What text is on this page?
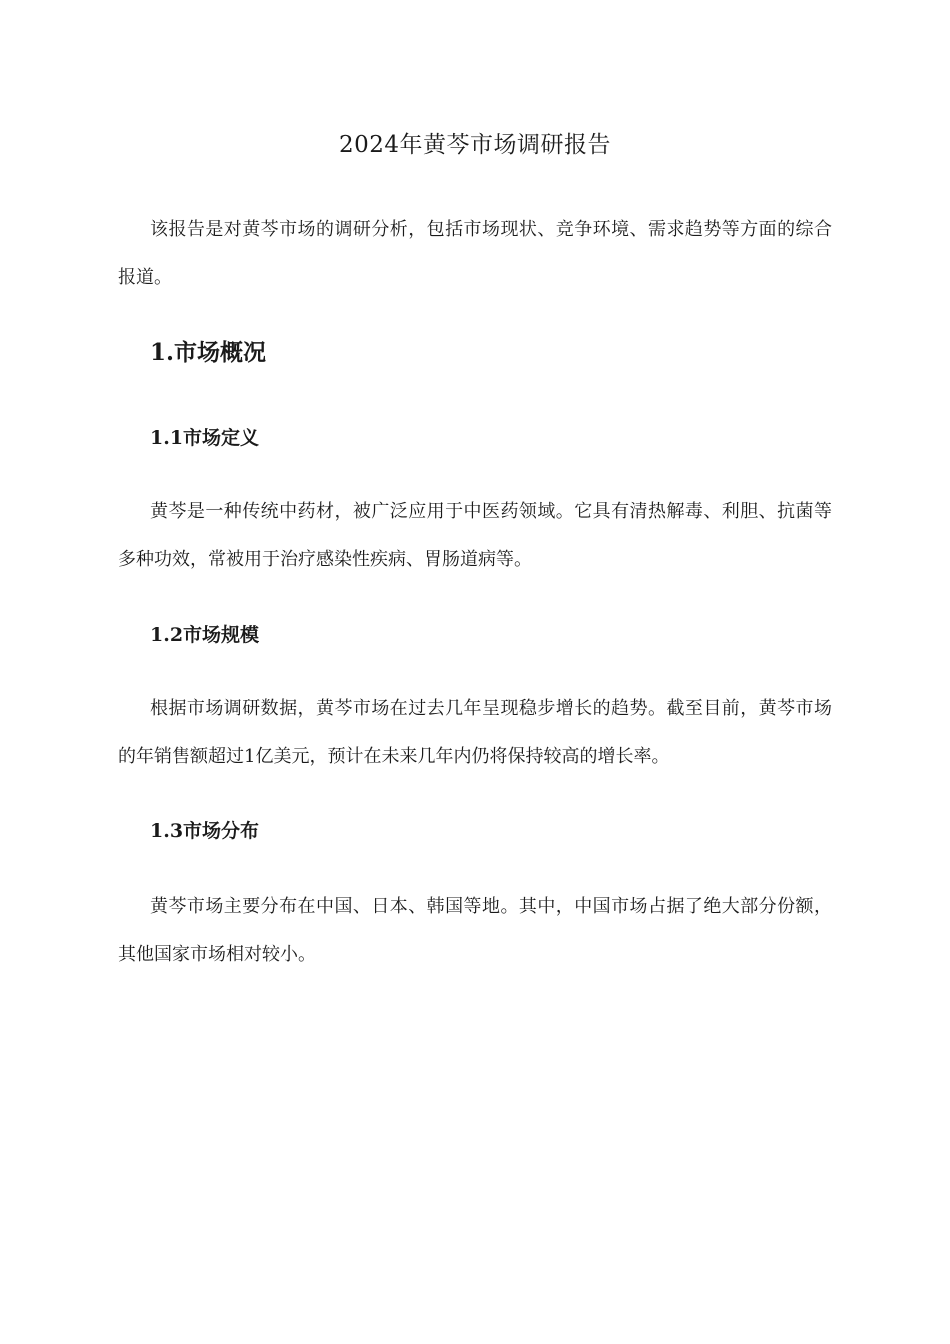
2024年黄芩市场调研报告

该报告是对黄芩市场的调研分析，包括市场现状、竞争环境、需求趋势等方面的综合报道。

1.市场概况
1.1市场定义

黄芩是一种传统中药材，被广泛应用于中医药领域。它具有清热解毒、利胆、抗菌等多种功效，常被用于治疗感染性疾病、胃肠道病等。

1.2市场规模

根据市场调研数据，黄芩市场在过去几年呈现稳步增长的趋势。截至目前，黄芩市场的年销售额超过1亿美元，预计在未来几年内仍将保持较高的增长率。

1.3市场分布

黄芩市场主要分布在中国、日本、韩国等地。其中，中国市场占据了绝大部分份额，其他国家市场相对较小。
